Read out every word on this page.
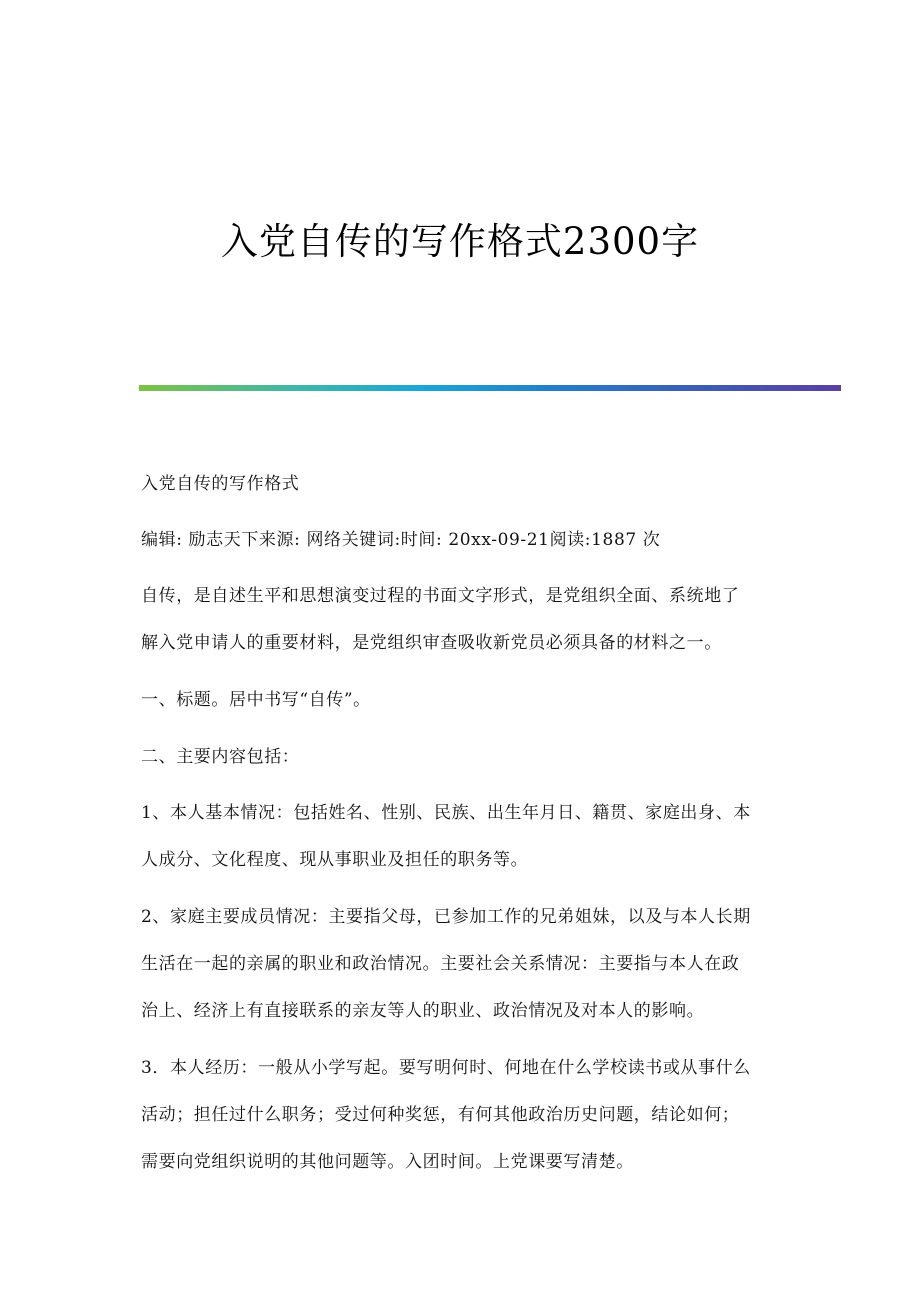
入党自传的写作格式2300字
入党自传的写作格式
编辑: 励志天下来源: 网络关键词:时间: 20xx-09-21阅读:1887 次
自传，是自述生平和思想演变过程的书面文字形式，是党组织全面、系统地了
解入党申请人的重要材料，是党组织审查吸收新党员必须具备的材料之一。
一、标题。居中书写“自传”。
二、主要内容包括：
1、本人基本情况：包括姓名、性别、民族、出生年月日、籍贯、家庭出身、本
人成分、文化程度、现从事职业及担任的职务等。
2、家庭主要成员情况：主要指父母，已参加工作的兄弟姐妹，以及与本人长期
生活在一起的亲属的职业和政治情况。主要社会关系情况：主要指与本人在政
治上、经济上有直接联系的亲友等人的职业、政治情况及对本人的影响。
3．本人经历：一般从小学写起。要写明何时、何地在什么学校读书或从事什么
活动；担任过什么职务；受过何种奖惩，有何其他政治历史问题，结论如何；
需要向党组织说明的其他问题等。入团时间。上党课要写清楚。
